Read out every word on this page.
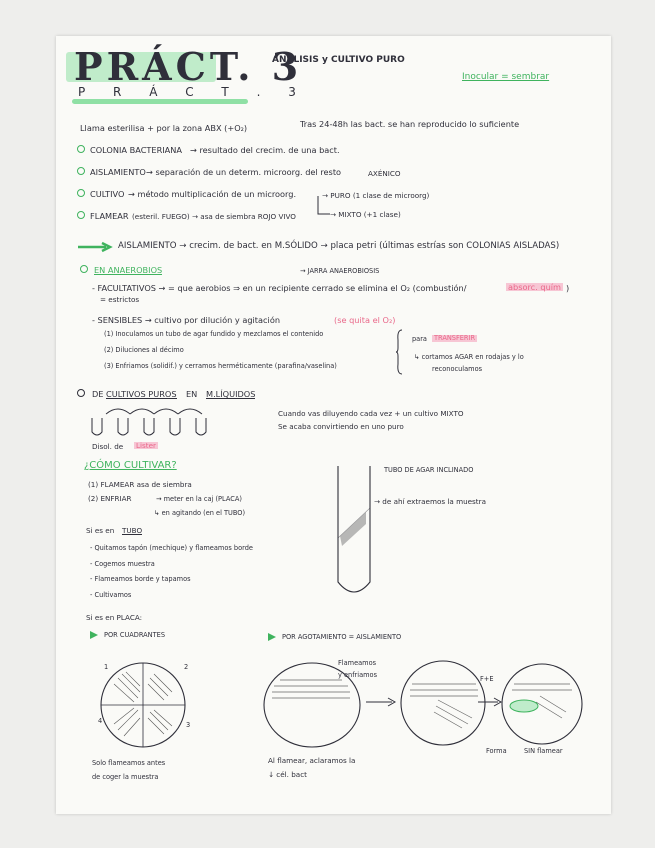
PRÁCT. 3
P R Á C T . 3
ANÁLISIS y CULTIVO PURO
Inocular = sembrar
Llama esterilisa + por la zona ABX (+O₂)	Tras 24-48h las bact. se han reproducido lo suficiente
COLONIA BACTERIANA → resultado del crecim. de una bact.
AISLAMIENTO → separación de un determ. microorg. del resto	AXÉNICO
CULTIVO → método multiplicación de un microorg.	→ PURO (1 clase de microorg)
→ MIXTO (+1 clase)
FLAMEAR (esteril. FUEGO) → asa de siembra ROJO VIVO
AISLAMIENTO → crecim. de bact. en M.SÓLIDO → placa petri (últimas estrías son COLONIAS AISLADAS)
EN ANAEROBIOS	→ JARRA ANAEROBIOSIS
- FACULTATIVOS → = que aerobios ⇒ en un recipiente cerrado se elimina el O₂ (combustión/	absorc. quím )
= estrictos
- SENSIBLES → cultivo por dilución y agitación	(se quita el O₂)
(1) Inoculamos un tubo de agar fundido y mezclamos el contenido
(2) Diluciones al décimo
(3) Enfriamos (solidif.) y cerramos herméticamente (parafina/vaselina)
para	TRANSFERIR
↳ cortamos AGAR en rodajas y lo
reconoculamos
DE CULTIVOS PUROS EN M.LÍQUIDOS
Cuando vas diluyendo cada vez + un cultivo MIXTO
Se acaba convirtiendo en uno puro
Disol. de Lister
¿CÓMO CULTIVAR?
(1) FLAMEAR asa de siembra
(2) ENFRIAR	→ meter en la caj (PLACA)
↳ en agitando (en el TUBO)
TUBO DE AGAR INCLINADO
→ de ahí extraemos la muestra
Si es en TUBO
- Quitamos tapón (mechique) y flameamos borde
- Cogemos muestra
- Flameamos borde y tapamos
- Cultivamos
Si es en PLACA:
POR CUADRANTES	POR AGOTAMIENTO = AISLAMIENTO
1	2
3
4
Flameamos
y enfriamos	F+E
Forma	SIN flamear
Solo flameamos antes
de coger la muestra
Al flamear, aclaramos la
↓ cél. bact
